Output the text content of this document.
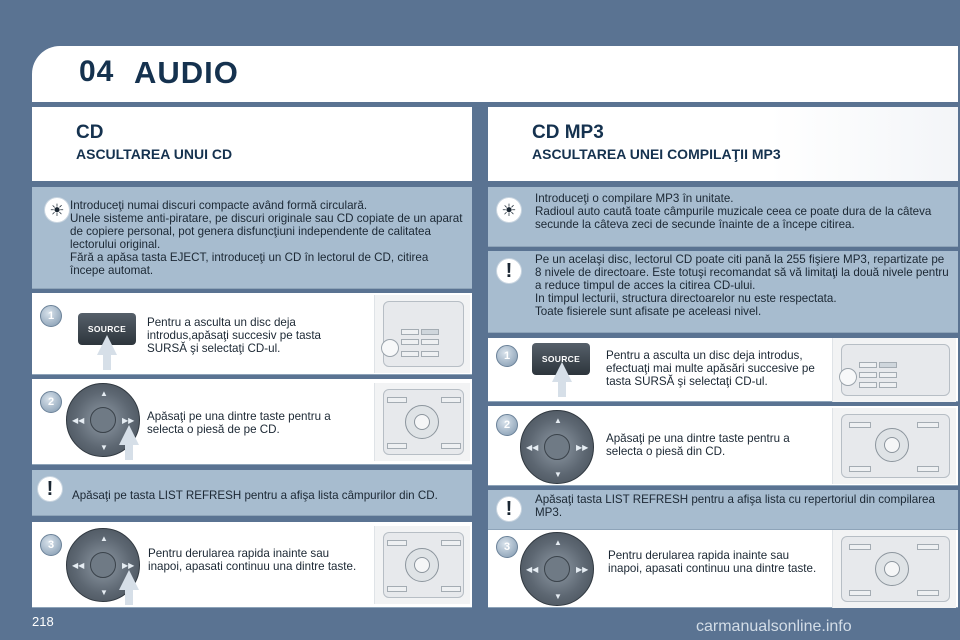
04 AUDIO
CD
ASCULTAREA UNUI CD
CD MP3
ASCULTAREA UNEI COMPILAŢII MP3
☀ Introduceţi numai discuri compacte având formă circulară.
Unele sisteme anti-piratare, pe discuri originale sau CD copiate de un aparat de copiere personal, pot genera disfuncţiuni independente de calitatea lectorului original.
Fără a apăsa tasta EJECT, introduceţi un CD în lectorul de CD, citirea începe automat.
1
SOURCE	Pentru a asculta un disc deja introdus,apăsaţi succesiv pe tasta SURSĂ şi selectaţi CD-ul.
2
▲
▼
◀◀	▶▶ Apăsaţi pe una dintre taste pentru a selecta o piesă de pe CD.
!	Apăsaţi pe tasta LIST REFRESH pentru a afişa lista câmpurilor din CD.
3
▲
▼
◀◀	▶▶
Pentru derularea rapida inainte sau inapoi, apasati continuu una dintre taste.
☀
Introduceţi o compilare MP3 în unitate.
Radioul auto caută toate câmpurile muzicale ceea ce poate dura de la câteva secunde la câteva zeci de secunde înainte de a începe citirea.
!	Pe un acelaşi disc, lectorul CD poate citi pană la 255 fişiere MP3, repartizate pe 8 nivele de directoare. Este totuşi recomandat să vă limitaţi la două nivele pentru a reduce timpul de acces la citirea CD-ului.
In timpul lecturii, structura directoarelor nu este respectata.
Toate fisierele sunt afisate pe aceleasi nivel.
1	SOURCE	Pentru a asculta un disc deja introdus, efectuaţi mai multe apăsări succesive pe tasta SURSĂ şi selectaţi CD-ul.
2	▲
▼
◀◀	▶▶
Apăsaţi pe una dintre taste pentru a selecta o piesă din CD.
!	Apăsaţi tasta LIST REFRESH pentru a afişa lista cu repertoriul din compilarea MP3.
3	▲
▼
◀◀	▶▶
Pentru derularea rapida inainte sau inapoi, apasati continuu una dintre taste.
218	carmanualsonline.info
